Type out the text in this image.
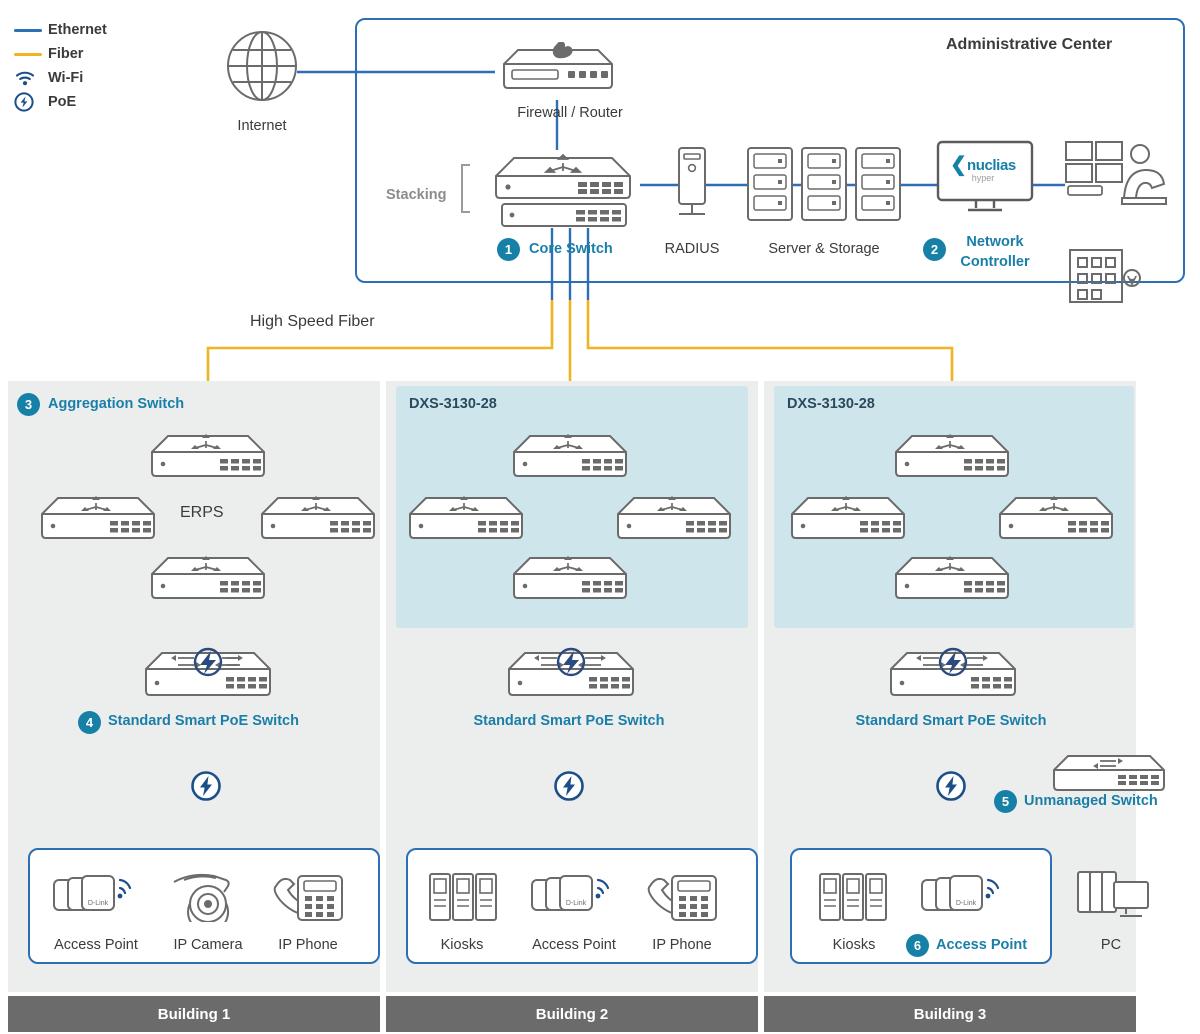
Ethernet
Fiber
Wi-Fi
PoE
Administrative Center
Internet
Firewall / Router
Stacking
1	Core Switch	RADIUS	Server & Storage
❮ nuclias
hyper
2	Network
Controller
High Speed Fiber
Building 1	Building 2	Building 3
3	Aggregation Switch	DXS-3130-28	DXS-3130-28
ERPS
4	Standard Smart PoE Switch	Standard Smart PoE Switch	Standard Smart PoE Switch
5	Unmanaged Switch
D-Link
Access Point IP Camera IP Phone
D-Link
Kiosks	Access Point	IP Phone
D-Link
Kiosks	6	Access Point	PC
